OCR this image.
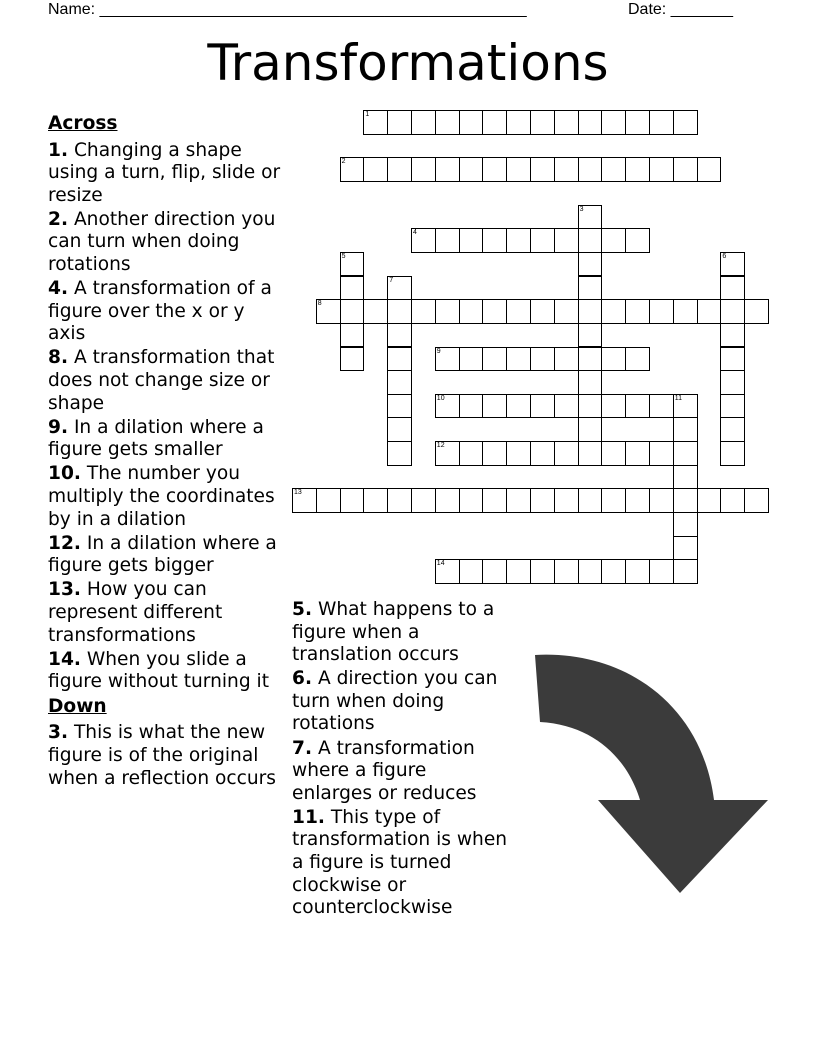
Name: ________________________________________________	Date: _______
Transformations
Across
1. Changing a shape using a turn, flip, slide or resize
2. Another direction you can turn when doing rotations
4. A transformation of a figure over the x or y axis
8. A transformation that does not change size or shape
9. In a dilation where a figure gets smaller
10. The number you multiply the coordinates by in a dilation
12. In a dilation where a figure gets bigger
13. How you can represent different transformations
14. When you slide a figure without turning it
Down
3. This is what the new figure is of the original when a reflection occurs
5. What happens to a figure when a translation occurs
6. A direction you can turn when doing rotations
7. A transformation where a figure enlarges or reduces
11. This type of transformation is when a figure is turned clockwise or counterclockwise
1
2
3
4
5	6
7
8
9
10	11
12
13
14
